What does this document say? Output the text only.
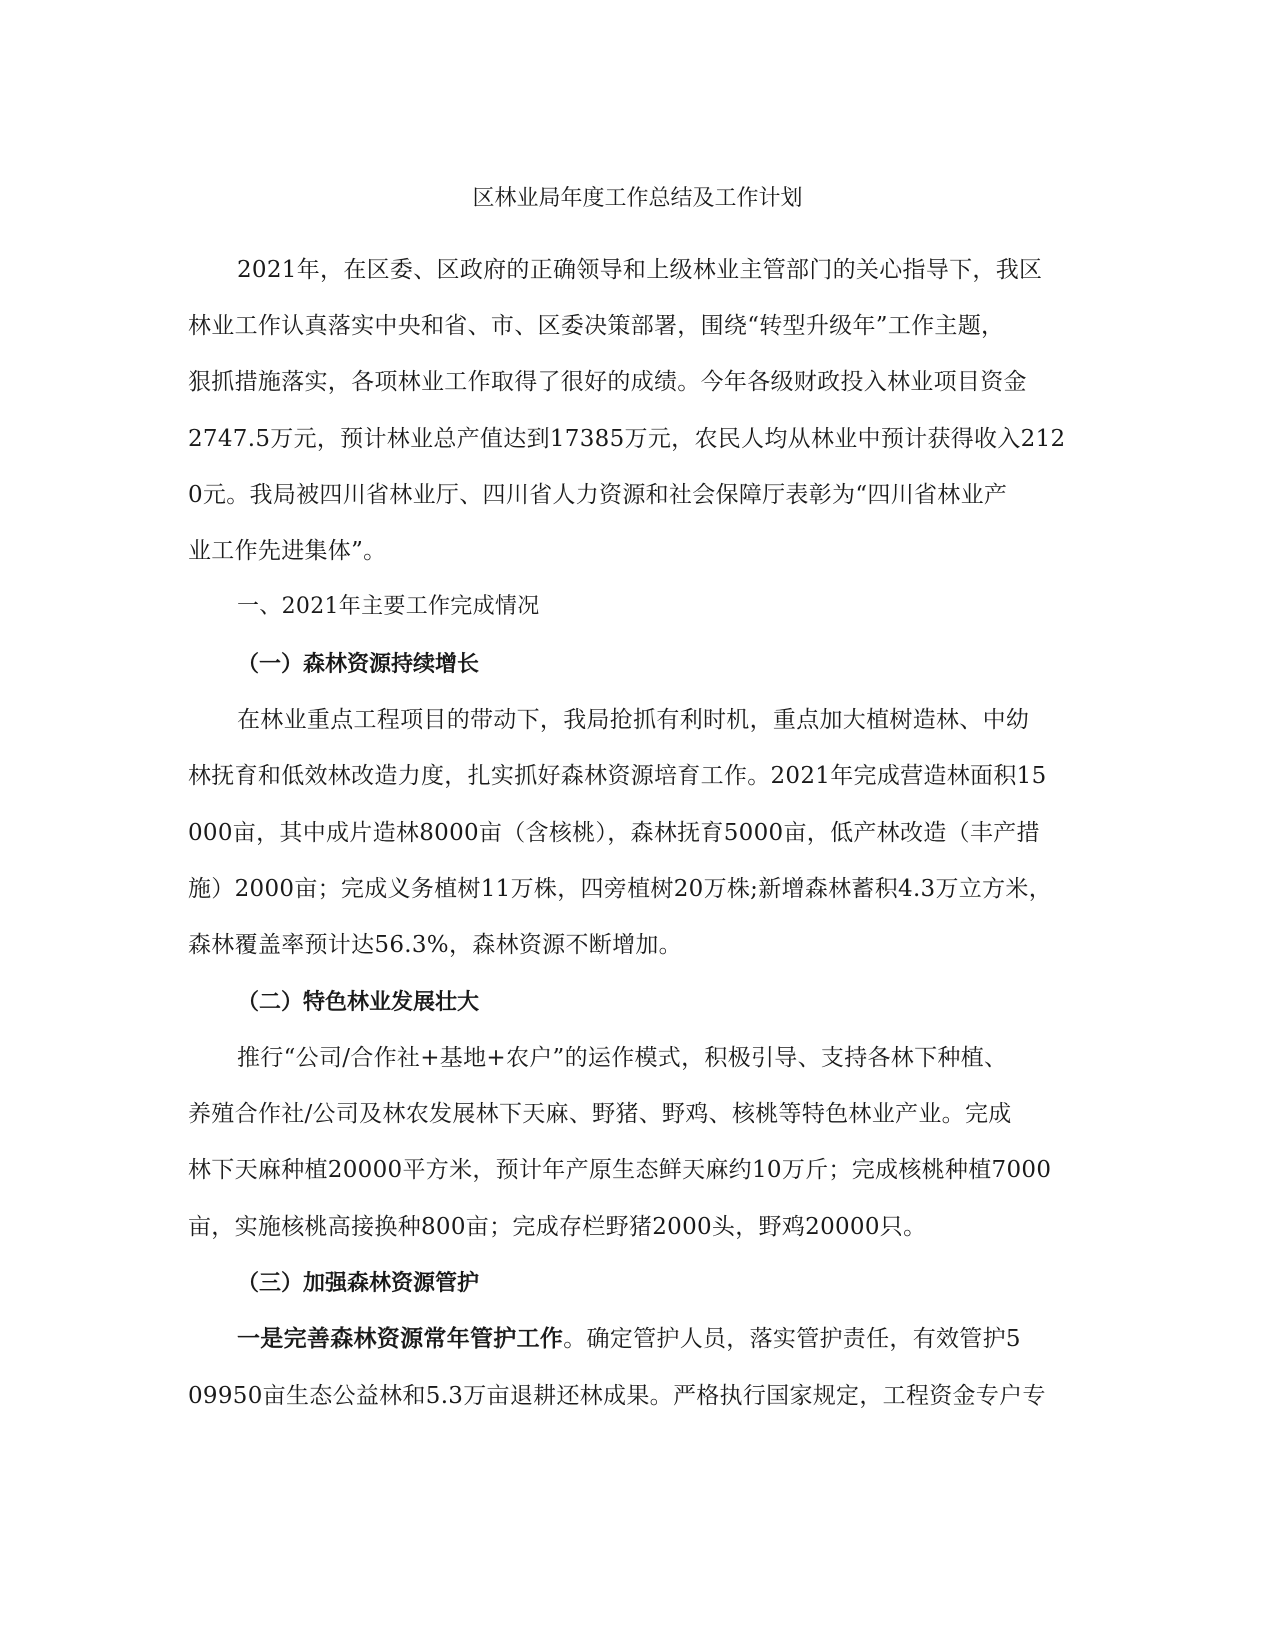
区林业局年度工作总结及工作计划
2021年，在区委、区政府的正确领导和上级林业主管部门的关心指导下，我区
林业工作认真落实中央和省、市、区委决策部署，围绕“转型升级年”工作主题，
狠抓措施落实，各项林业工作取得了很好的成绩。今年各级财政投入林业项目资金
2747.5万元，预计林业总产值达到17385万元，农民人均从林业中预计获得收入212
0元。我局被四川省林业厅、四川省人力资源和社会保障厅表彰为“四川省林业产
业工作先进集体”。
一、2021年主要工作完成情况
（一）森林资源持续增长
在林业重点工程项目的带动下，我局抢抓有利时机，重点加大植树造林、中幼
林抚育和低效林改造力度，扎实抓好森林资源培育工作。2021年完成营造林面积15
000亩，其中成片造林8000亩（含核桃），森林抚育5000亩，低产林改造（丰产措
施）2000亩；完成义务植树11万株，四旁植树20万株;新增森林蓄积4.3万立方米，
森林覆盖率预计达56.3%，森林资源不断增加。
（二）特色林业发展壮大
推行“公司/合作社+基地+农户”的运作模式，积极引导、支持各林下种植、
养殖合作社/公司及林农发展林下天麻、野猪、野鸡、核桃等特色林业产业。完成
林下天麻种植20000平方米，预计年产原生态鲜天麻约10万斤；完成核桃种植7000
亩，实施核桃高接换种800亩；完成存栏野猪2000头，野鸡20000只。
（三）加强森林资源管护
一是完善森林资源常年管护工作。确定管护人员，落实管护责任，有效管护5
09950亩生态公益林和5.3万亩退耕还林成果。严格执行国家规定，工程资金专户专
